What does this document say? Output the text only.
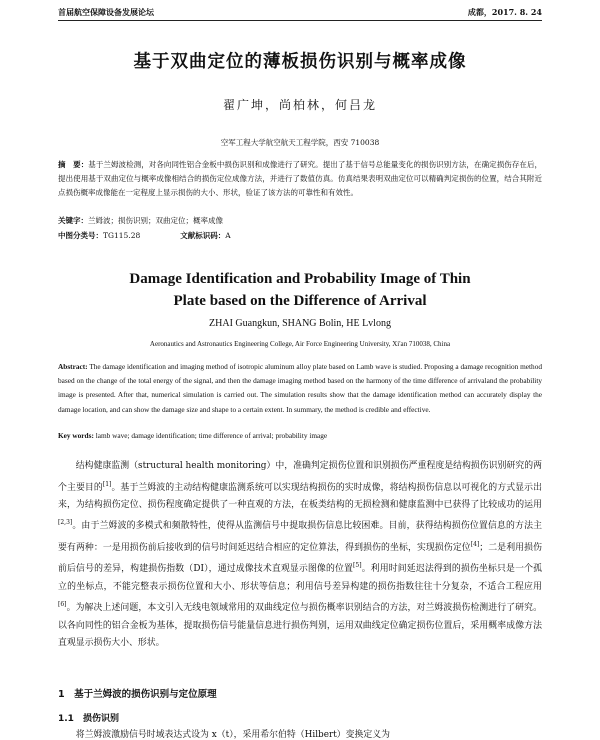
首届航空保障设备发展论坛	成都，2017. 8. 24
基于双曲定位的薄板损伤识别与概率成像
翟广坤，尚柏林，何吕龙
空军工程大学航空航天工程学院，西安 710038
摘　要：基于兰姆波检测，对各向同性铝合金板中损伤识别和成像进行了研究。提出了基于信号总能量变化的损伤识别方法，在确定损伤存在后，提出使用基于双曲定位与概率成像相结合的损伤定位成像方法，并进行了数值仿真。仿真结果表明双曲定位可以精确判定损伤的位置，结合其附近点损伤概率成像能在一定程度上显示损伤的大小、形状，验证了该方法的可靠性和有效性。
关键字：兰姆波；损伤识别；双曲定位；概率成像
中图分类号：TG115.28	文献标识码：A
Damage Identification and Probability Image of Thin
Plate based on the Difference of Arrival
ZHAI Guangkun, SHANG Bolin, HE Lvlong
Aeronautics and Astronautics Engineering College, Air Force Engineering University, Xi'an 710038, China
Abstract: The damage identification and imaging method of isotropic aluminum alloy plate based on Lamb wave is studied. Proposing a damage recognition method based on the change of the total energy of the signal, and then the damage imaging method based on the harmony of the time difference of arrivaland the probability image is presented. After that, numerical simulation is carried out. The simulation results show that the damage identification method can accurately display the damage location, and can show the damage size and shape to a certain extent. In summary, the method is credible and effective.
Key words: lamb wave; damage identification; time difference of arrival; probability image

结构健康监测（structural health monitoring）中，准确判定损伤位置和识别损伤严重程度是结构损伤识别研究的两个主要目的[1]。基于兰姆波的主动结构健康监测系统可以实现结构损伤的实时成像，将结构损伤信息以可视化的方式显示出来，为结构损伤定位、损伤程度确定提供了一种直观的方法，在板类结构的无损检测和健康监测中已获得了比较成功的运用[2,3]。由于兰姆波的多模式和频散特性，使得从监测信号中提取损伤信息比较困难。目前，获得结构损伤位置信息的方法主要有两种：一是用损伤前后接收到的信号时间延迟结合相应的定位算法，得到损伤的坐标，实现损伤定位[4]；二是利用损伤前后信号的差异，构建损伤指数（DI），通过成像技术直观显示图像的位置[5]。利用时间延迟法得到的损伤坐标只是一个孤立的坐标点，不能完整表示损伤位置和大小、形状等信息；利用信号差异构建的损伤指数往往十分复杂，不适合工程应用[6]。为解决上述问题，本文引入无线电领域常用的双曲线定位与损伤概率识别结合的方法，对兰姆波损伤检测进行了研究。以各向同性的铝合金板为基体，提取损伤信号能量信息进行损伤判别，运用双曲线定位确定损伤位置后，采用概率成像方法直观显示损伤大小、形状。

1　基于兰姆波的损伤识别与定位原理
1.1　损伤识别
将兰姆波激励信号时域表达式设为 x（t），采用希尔伯特（Hilbert）变换定义为
